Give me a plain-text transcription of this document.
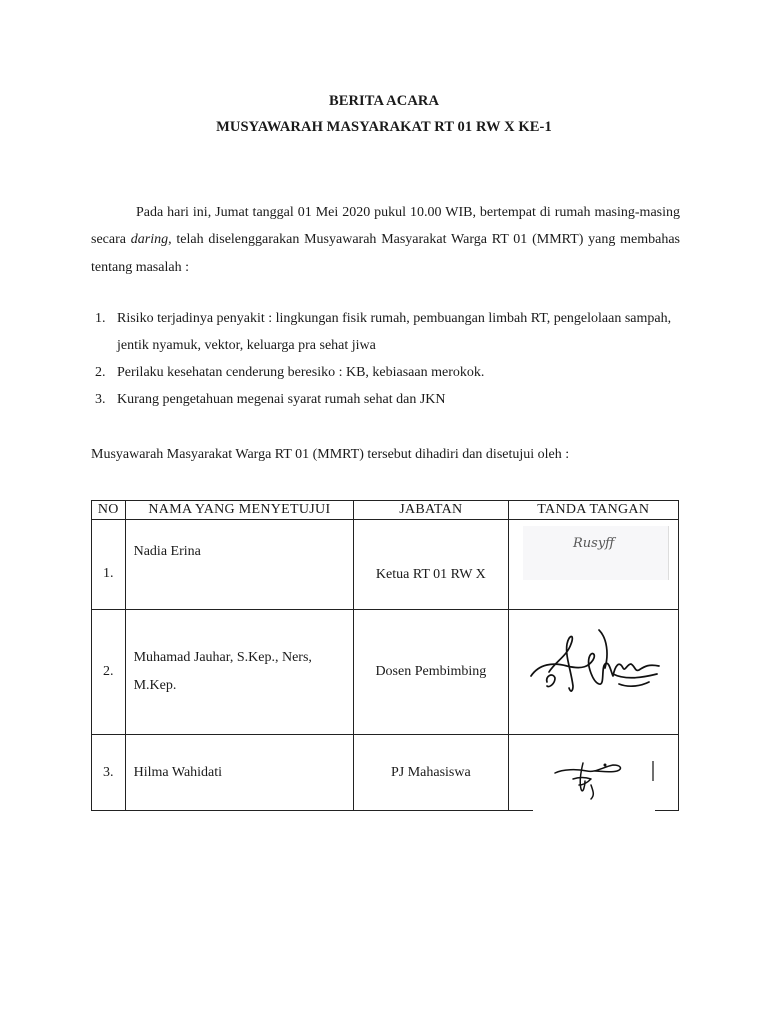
BERITA ACARA
MUSYAWARAH MASYARAKAT RT 01 RW X KE-1
Pada hari ini, Jumat tanggal 01 Mei 2020 pukul 10.00 WIB, bertempat di rumah masing-masing secara daring, telah diselenggarakan Musyawarah Masyarakat Warga RT 01 (MMRT) yang membahas tentang masalah :
1. Risiko terjadinya penyakit : lingkungan fisik rumah, pembuangan limbah RT, pengelolaan sampah, jentik nyamuk, vektor, keluarga pra sehat jiwa
2. Perilaku kesehatan cenderung beresiko : KB, kebiasaan merokok.
3. Kurang pengetahuan megenai syarat rumah sehat dan JKN
Musyawarah Masyarakat Warga RT 01 (MMRT) tersebut dihadiri dan disetujui oleh :
NO	NAMA YANG MENYETUJUI	JABATAN	TANDA TANGAN
1.	Nadia Erina	Ketua RT 01 RW X	Rusyff

2.	Muhamad Jauhar, S.Kep., Ners, M.Kep.	Dosen Pembimbing	

3.	Hilma Wahidati	PJ Mahasiswa	
